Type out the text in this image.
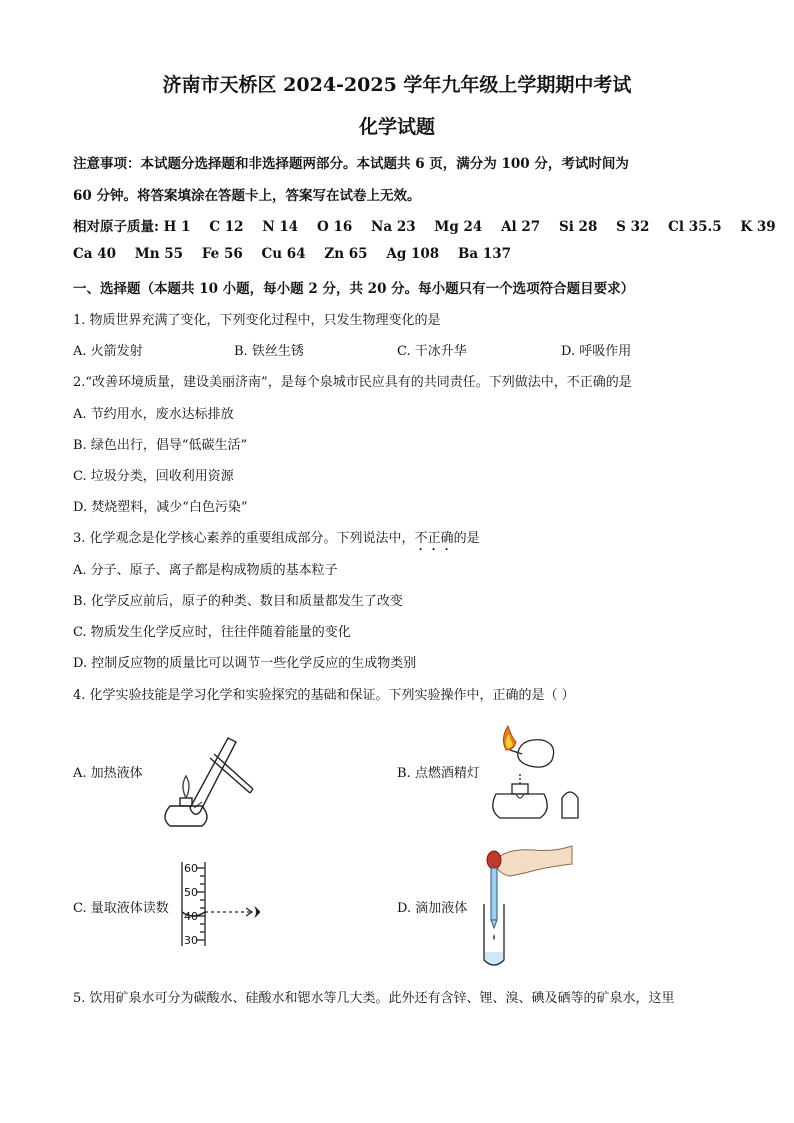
济南市天桥区 2024-2025 学年九年级上学期期中考试
化学试题
注意事项：本试题分选择题和非选择题两部分。本试题共 6 页，满分为 100 分，考试时间为
60 分钟。将答案填涂在答题卡上，答案写在试卷上无效。
相对原子质量: H 1    C 12    N 14    O 16    Na 23    Mg 24    Al 27    Si 28    S 32    Cl 35.5    K 39
Ca 40    Mn 55    Fe 56    Cu 64    Zn 65    Ag 108    Ba 137
一、选择题（本题共 10 小题，每小题 2 分，共 20 分。每小题只有一个选项符合题目要求）
1. 物质世界充满了变化，下列变化过程中，只发生物理变化的是
A. 火箭发射	B. 铁丝生锈	C. 干冰升华	D. 呼吸作用
2.“改善环境质量，建设美丽济南”，是每个泉城市民应具有的共同责任。下列做法中，不正确的是
A. 节约用水，废水达标排放
B. 绿色出行，倡导“低碳生活”
C. 垃圾分类，回收利用资源
D. 焚烧塑料，减少“白色污染”
3. 化学观念是化学核心素养的重要组成部分。下列说法中，不正确的是
A. 分子、原子、离子都是构成物质的基本粒子
B. 化学反应前后，原子的种类、数目和质量都发生了改变
C. 物质发生化学反应时，往往伴随着能量的变化
D. 控制反应物的质量比可以调节一些化学反应的生成物类别
4. 化学实验技能是学习化学和实验探究的基础和保证。下列实验操作中，正确的是（ ）
A. 加热液体	B. 点燃酒精灯
C. 量取液体读数
60
50
40
30
D. 滴加液体
5. 饮用矿泉水可分为碳酸水、硅酸水和锶水等几大类。此外还有含锌、锂、溴、碘及硒等的矿泉水，这里
